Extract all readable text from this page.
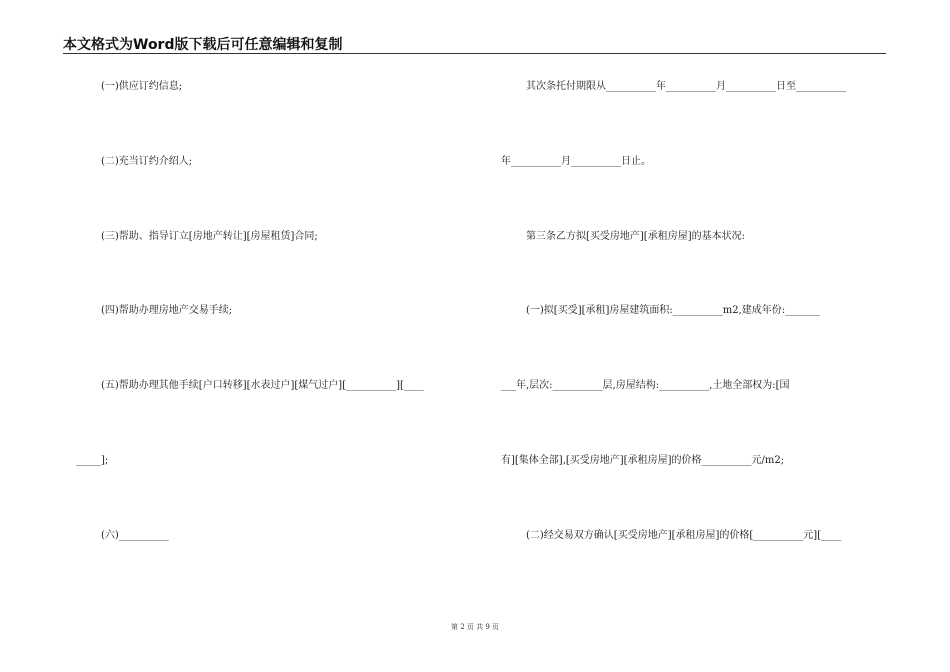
本文格式为Word版下载后可任意编辑和复制
(一)供应订约信息;
(二)充当订约介绍人;
(三)帮助、指导订立[房地产转让][房屋租赁]合同;
(四)帮助办理房地产交易手续;
(五)帮助办理其他手续[户口转移][水表过户][煤气过户][__________][____
_____];
(六)__________
其次条托付期限从__________年__________月__________日至__________
年__________月__________日止。
第三条乙方拟[买受房地产][承租房屋]的基本状况:
(一)拟[买受][承租]房屋建筑面积:__________m2,建成年份:_______
___年,层次:__________层,房屋结构:__________,土地全部权为:[国
有][集体全部],[买受房地产][承租房屋]的价格__________元/m2;
(二)经交易双方确认[买受房地产][承租房屋]的价格[__________元][____
第 2 页 共 9 页
